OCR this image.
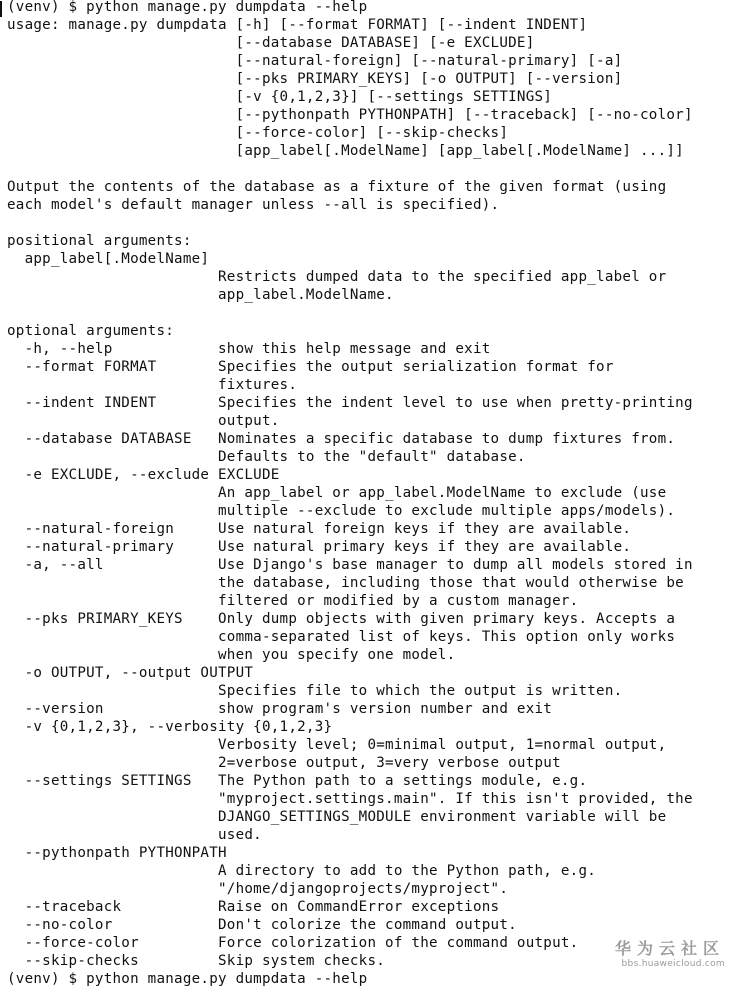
(venv) $ python manage.py dumpdata --help
usage: manage.py dumpdata [-h] [--format FORMAT] [--indent INDENT]
[--database DATABASE] [-e EXCLUDE]
[--natural-foreign] [--natural-primary] [-a]
[--pks PRIMARY_KEYS] [-o OUTPUT] [--version]
[-v {0,1,2,3}] [--settings SETTINGS]
[--pythonpath PYTHONPATH] [--traceback] [--no-color]
[--force-color] [--skip-checks]
[app_label[.ModelName] [app_label[.ModelName] ...]]

Output the contents of the database as a fixture of the given format (using
each model's default manager unless --all is specified).

positional arguments:
app_label[.ModelName]
Restricts dumped data to the specified app_label or
app_label.ModelName.

optional arguments:
-h, --help            show this help message and exit
--format FORMAT       Specifies the output serialization format for
fixtures.
--indent INDENT       Specifies the indent level to use when pretty-printing
output.
--database DATABASE   Nominates a specific database to dump fixtures from.
Defaults to the "default" database.
-e EXCLUDE, --exclude EXCLUDE
An app_label or app_label.ModelName to exclude (use
multiple --exclude to exclude multiple apps/models).
--natural-foreign     Use natural foreign keys if they are available.
--natural-primary     Use natural primary keys if they are available.
-a, --all             Use Django's base manager to dump all models stored in
the database, including those that would otherwise be
filtered or modified by a custom manager.
--pks PRIMARY_KEYS    Only dump objects with given primary keys. Accepts a
comma-separated list of keys. This option only works
when you specify one model.
-o OUTPUT, --output OUTPUT
Specifies file to which the output is written.
--version             show program's version number and exit
-v {0,1,2,3}, --verbosity {0,1,2,3}
Verbosity level; 0=minimal output, 1=normal output,
2=verbose output, 3=very verbose output
--settings SETTINGS   The Python path to a settings module, e.g.
"myproject.settings.main". If this isn't provided, the
DJANGO_SETTINGS_MODULE environment variable will be
used.
--pythonpath PYTHONPATH
A directory to add to the Python path, e.g.
"/home/djangoprojects/myproject".
--traceback           Raise on CommandError exceptions
--no-color            Don't colorize the command output.
--force-color         Force colorization of the command output.
--skip-checks         Skip system checks.
(venv) $ python manage.py dumpdata --help
华为云社区
bbs.huaweicloud.com
